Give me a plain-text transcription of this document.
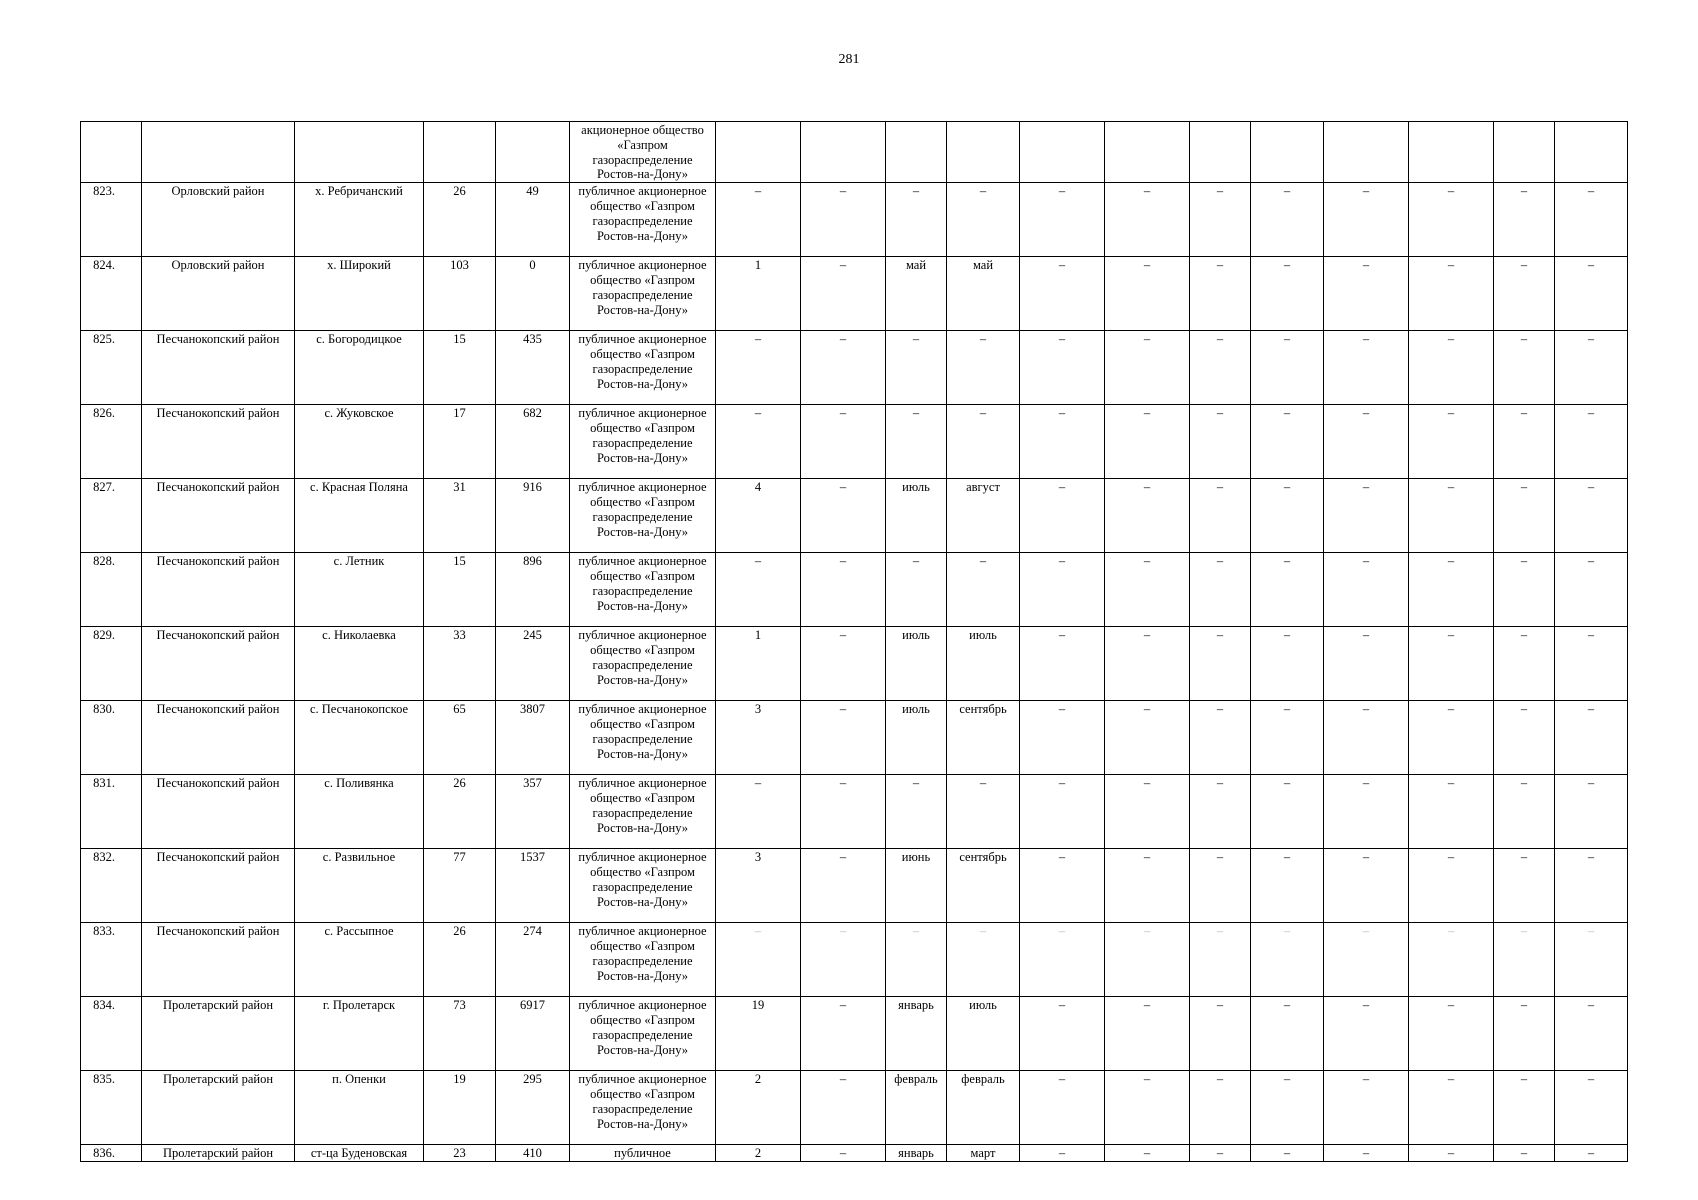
281
					акционерное общество «Газпром газораспределение Ростов-на-Дону»												
823.	Орловский район	х. Ребричанский	26	49	публичное акционерное общество «Газпром газораспределение Ростов-на-Дону»	–	–	–	–	–	–	–	–	–	–	–	–
824.	Орловский район	х. Широкий	103	0	публичное акционерное общество «Газпром газораспределение Ростов-на-Дону»	1	–	май	май	–	–	–	–	–	–	–	–
825.	Песчанокопский район	с. Богородицкое	15	435	публичное акционерное общество «Газпром газораспределение Ростов-на-Дону»	–	–	–	–	–	–	–	–	–	–	–	–
826.	Песчанокопский район	с. Жуковское	17	682	публичное акционерное общество «Газпром газораспределение Ростов-на-Дону»	–	–	–	–	–	–	–	–	–	–	–	–
827.	Песчанокопский район	с. Красная Поляна	31	916	публичное акционерное общество «Газпром газораспределение Ростов-на-Дону»	4	–	июль	август	–	–	–	–	–	–	–	–
828.	Песчанокопский район	с. Летник	15	896	публичное акционерное общество «Газпром газораспределение Ростов-на-Дону»	–	–	–	–	–	–	–	–	–	–	–	–
829.	Песчанокопский район	с. Николаевка	33	245	публичное акционерное общество «Газпром газораспределение Ростов-на-Дону»	1	–	июль	июль	–	–	–	–	–	–	–	–
830.	Песчанокопский район	с. Песчанокопское	65	3807	публичное акционерное общество «Газпром газораспределение Ростов-на-Дону»	3	–	июль	сентябрь	–	–	–	–	–	–	–	–
831.	Песчанокопский район	с. Поливянка	26	357	публичное акционерное общество «Газпром газораспределение Ростов-на-Дону»	–	–	–	–	–	–	–	–	–	–	–	–
832.	Песчанокопский район	с. Развильное	77	1537	публичное акционерное общество «Газпром газораспределение Ростов-на-Дону»	3	–	июнь	сентябрь	–	–	–	–	–	–	–	–
833.	Песчанокопский район	с. Рассыпное	26	274	публичное акционерное общество «Газпром газораспределение Ростов-на-Дону»	–	–	–	–	–	–	–	–	–	–	–	–
834.	Пролетарский район	г. Пролетарск	73	6917	публичное акционерное общество «Газпром газораспределение Ростов-на-Дону»	19	–	январь	июль	–	–	–	–	–	–	–	–
835.	Пролетарский район	п. Опенки	19	295	публичное акционерное общество «Газпром газораспределение Ростов-на-Дону»	2	–	февраль	февраль	–	–	–	–	–	–	–	–
836.	Пролетарский район	ст-ца Буденовская	23	410	публичное	2	–	январь	март	–	–	–	–	–	–	–	–
